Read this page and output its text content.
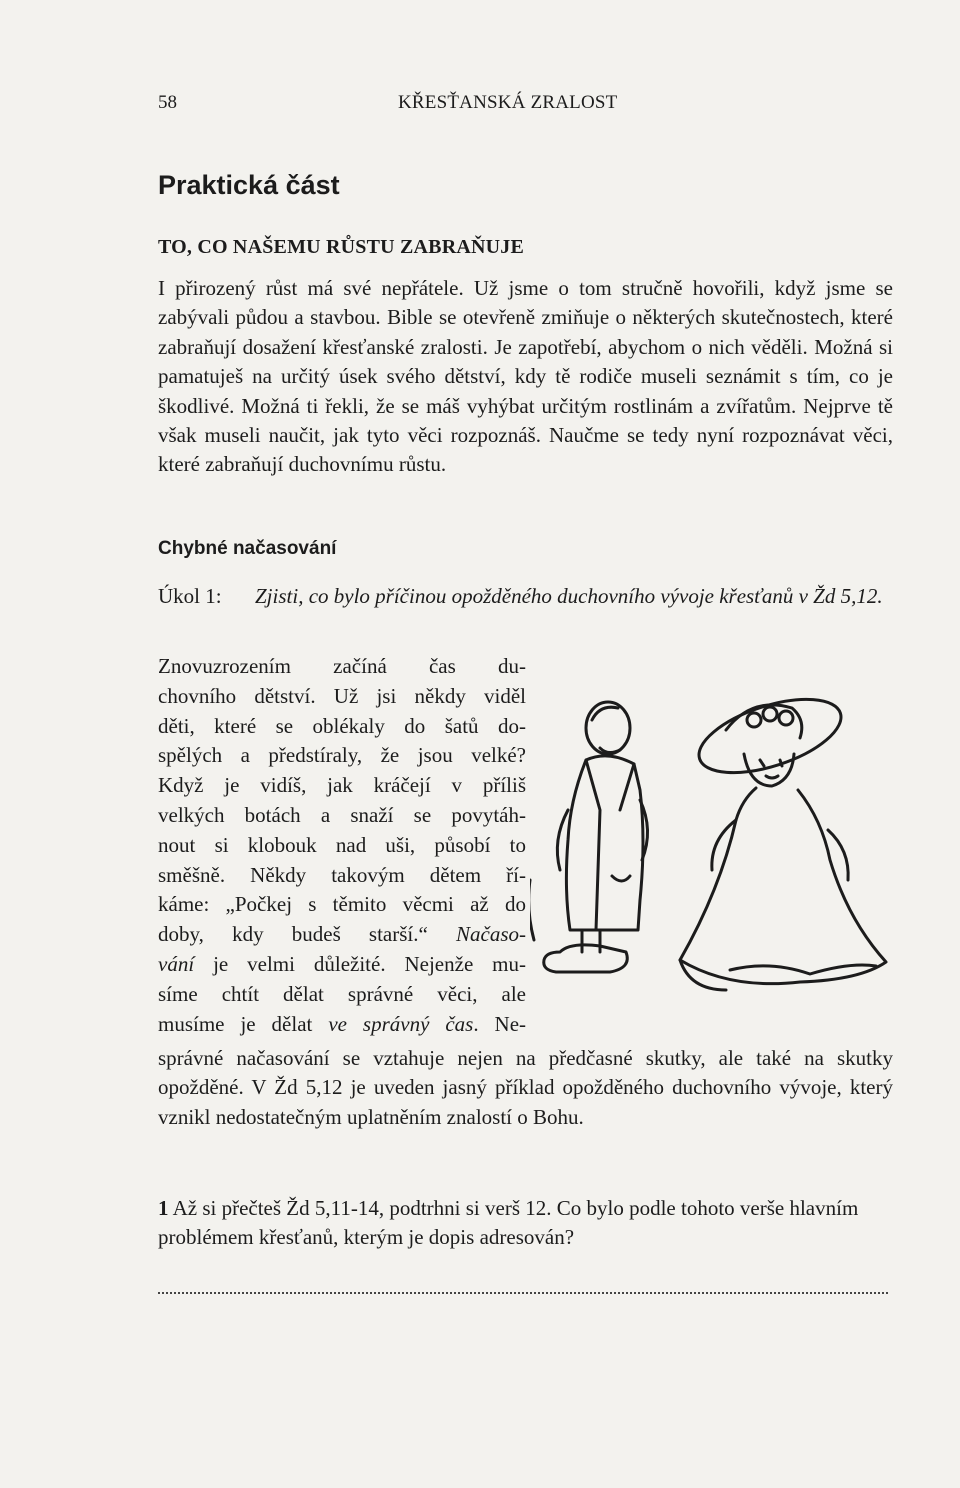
58	KŘESŤANSKÁ ZRALOST
Praktická část
TO, CO NAŠEMU RŮSTU ZABRAŇUJE

I přirozený růst má své nepřátele. Už jsme o tom stručně hovořili, když jsme se zabývali půdou a stavbou. Bible se otevřeně zmiňuje o některých skutečnostech, které zabraňují dosažení křesťanské zralosti. Je zapotřebí, abychom o nich věděli. Možná si pamatuješ na určitý úsek svého dětství, kdy tě rodiče museli seznámit s tím, co je škodlivé. Možná ti řekli, že se máš vyhýbat určitým rostlinám a zvířatům. Nejprve tě však museli naučit, jak tyto věci rozpoznáš. Naučme se tedy nyní rozpoznávat věci, které zabraňují duchovnímu růstu.

Chybné načasování
Úkol 1: Zjisti, co bylo příčinou opožděného duchovního vývoje křesťanů v Žd 5,12.
Znovuzrozením začíná čas du-
chovního dětství. Už jsi někdy viděl
děti, které se oblékaly do šatů do-
spělých a předstíraly, že jsou velké?
Když je vidíš, jak kráčejí v příliš
velkých botách a snaží se povytáh-
nout si klobouk nad uši, působí to
směšně. Někdy takovým dětem ří-
káme: „Počkej s těmito věcmi až do
doby, kdy budeš starší.“ Načaso-
vání je velmi důležité. Nejenže mu-
síme chtít dělat správné věci, ale
musíme je dělat ve správný čas. Ne-

správné načasování se vztahuje nejen na předčasné skutky, ale také na skutky opožděné. V Žd 5,12 je uveden jasný příklad opožděného duchovního vývoje, který vznikl nedostatečným uplatněním znalostí o Bohu.

1 Až si přečteš Žd 5,11-14, podtrhni si verš 12. Co bylo podle tohoto verše hlavním problémem křesťanů, kterým je dopis adresován?
